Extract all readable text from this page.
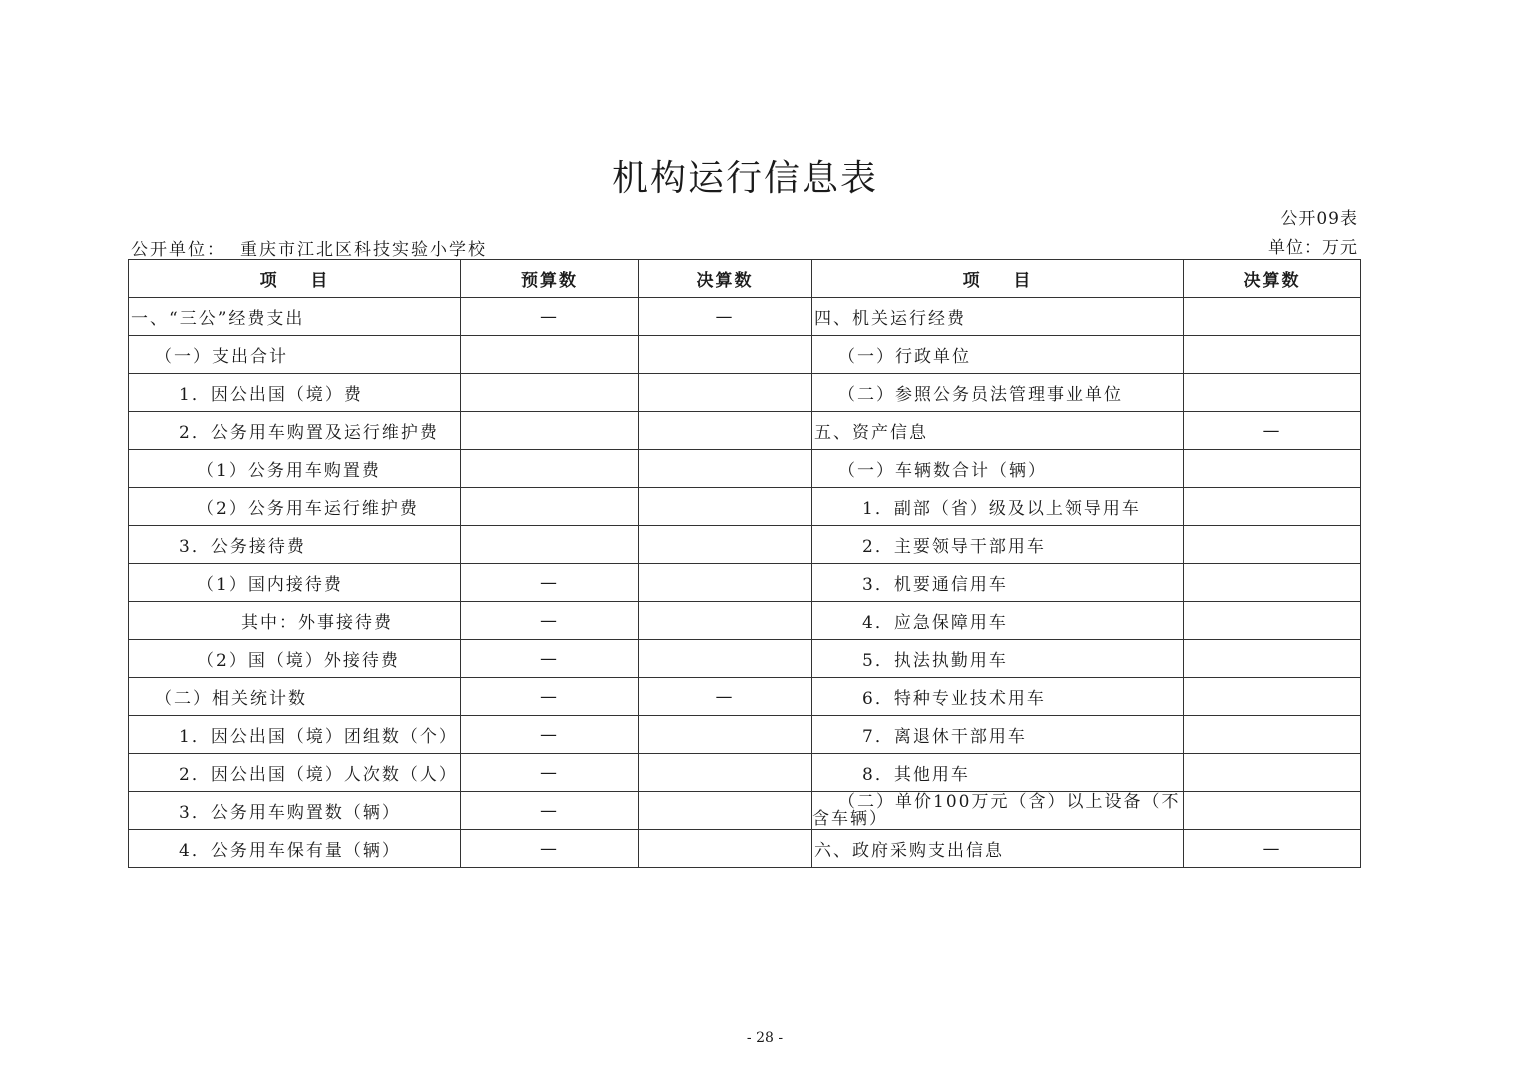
机构运行信息表
公开09表
单位：万元
公开单位： 重庆市江北区科技实验小学校
项    目	预算数	决算数	项    目	决算数
一、“三公”经费支出	—	—	四、机关运行经费	
（一）支出合计			（一）行政单位	
1．因公出国（境）费			（二）参照公务员法管理事业单位	
2．公务用车购置及运行维护费			五、资产信息	—
（1）公务用车购置费			（一）车辆数合计（辆）	
（2）公务用车运行维护费			1．副部（省）级及以上领导用车	
3．公务接待费			2．主要领导干部用车	
（1）国内接待费	—		3．机要通信用车	
其中：外事接待费	—		4．应急保障用车	
（2）国（境）外接待费	—		5．执法执勤用车	
（二）相关统计数	—	—	6．特种专业技术用车	
1．因公出国（境）团组数（个）	—		7．离退休干部用车	
2．因公出国（境）人次数（人）	—		8．其他用车	
3．公务用车购置数（辆）	—		（二）单价100万元（含）以上设备（不
含车辆）	
4．公务用车保有量（辆）	—		六、政府采购支出信息	—
- 28 -
